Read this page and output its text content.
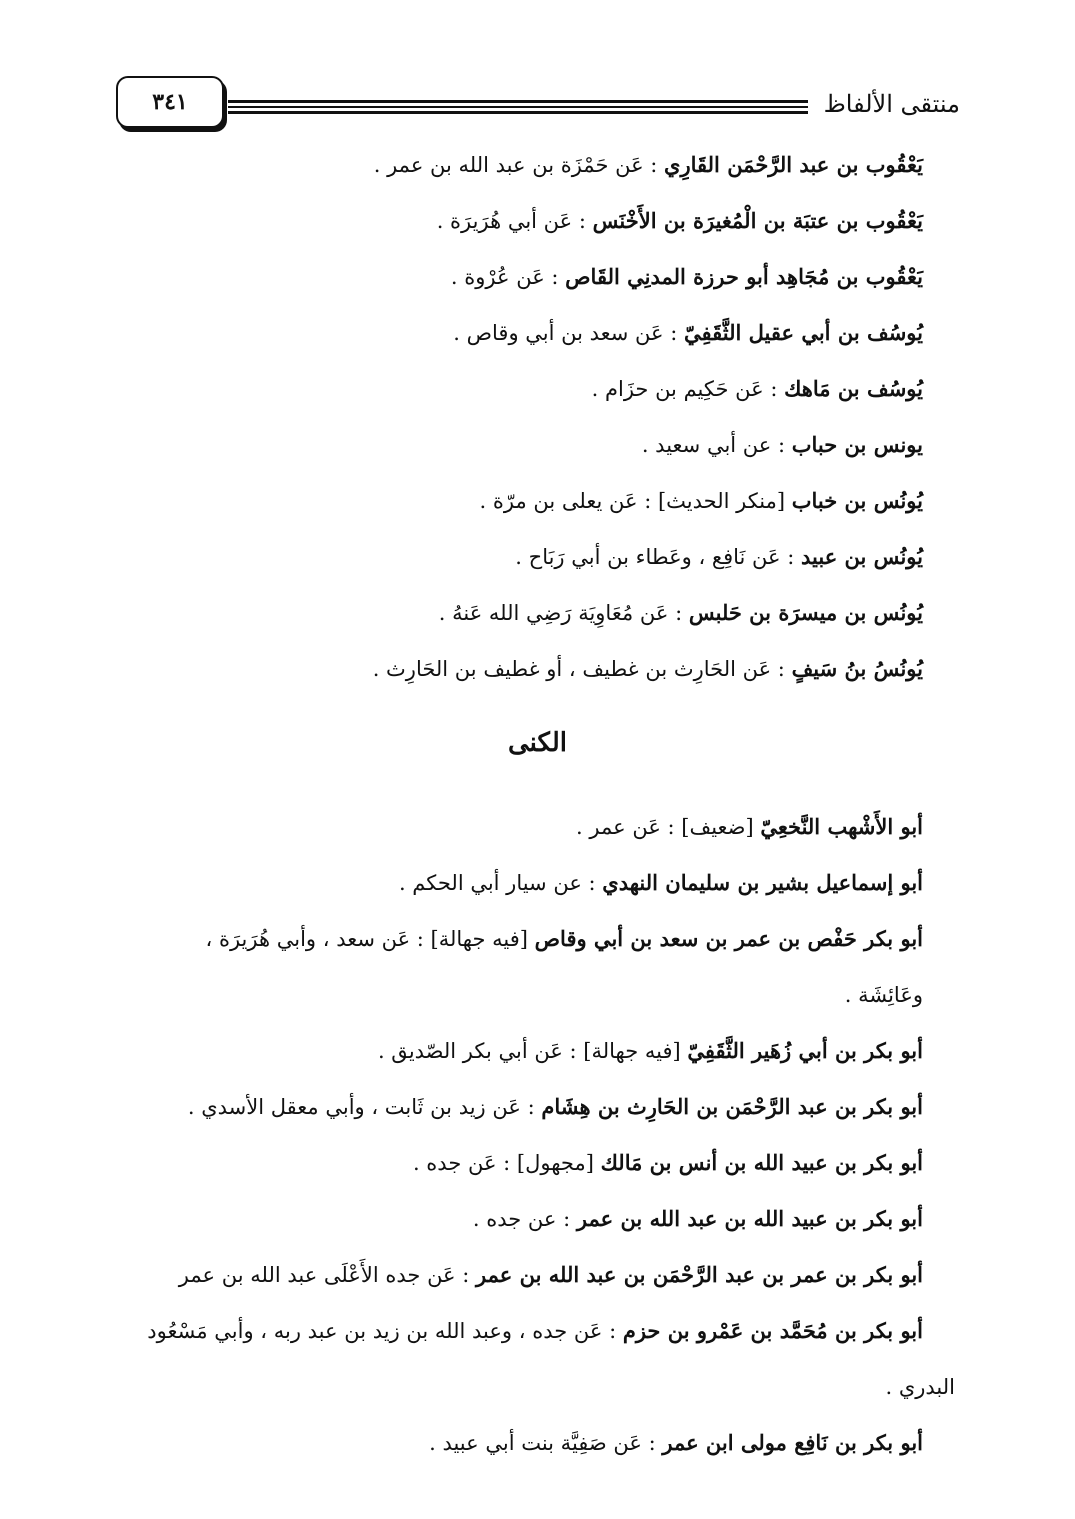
منتقى الألفاظ
٣٤١
يَعْقُوب بن عبد الرَّحْمَن القَارِي : عَن حَمْزَة بن عبد الله بن عمر .
يَعْقُوب بن عتبَة بن الْمُغيرَة بن الأَخْنَس : عَن أبي هُرَيرَة .
يَعْقُوب بن مُجَاهِد أبو حرزة المدنِي القَاص : عَن عُرْوة .
يُوسُف بن أبي عقيل الثَّقَفِيّ : عَن سعد بن أبي وقاص .
يُوسُف بن مَاهك : عَن حَكِيم بن حزَام .
يونس بن حباب : عن أبي سعيد .
يُونُس بن خباب [منكر الحديث] : عَن يعلى بن مرّة .
يُونُس بن عبيد : عَن نَافِع ، وعَطاء بن أبي رَبَاح .
يُونُس بن ميسرَة بن حَلبس : عَن مُعَاوِيَة رَضِي الله عَنهُ .
يُونُسُ بنُ سَيفٍ : عَن الحَارِث بن غطيف ، أو غطيف بن الحَارِث .
الكنى
أبو الأَشْهب النَّخعِيّ [ضعيف] : عَن عمر .
أبو إسماعيل بشير بن سليمان النهدي : عن سيار أبي الحكم .
أبو بكر حَفْص بن عمر بن سعد بن أبي وقاص [فيه جهالة] : عَن سعد ، وأبي هُرَيرَة ،
أبو بكر بن أبي زُهَير الثَّقَفِيّ [فيه جهالة] : عَن أبي بكر الصّديق .
أبو بكر بن عبد الرَّحْمَن بن الحَارِث بن هِشَام : عَن زيد بن ثَابت ، وأبي معقل الأسدي .
أبو بكر بن عبيد الله بن أنس بن مَالك [مجهول] : عَن جده .
أبو بكر بن عبيد الله بن عبد الله بن عمر : عن جده .
أبو بكر بن عمر بن عبد الرَّحْمَن بن عبد الله بن عمر : عَن جده الأَعْلَى عبد الله بن عمر
أبو بكر بن مُحَمَّد بن عَمْرو بن حزم : عَن جده ، وعبد الله بن زيد بن عبد ربه ، وأبي مَسْعُود
أبو بكر بن نَافِع مولى ابن عمر : عَن صَفِيَّة بنت أبي عبيد .
وعَائِشَة .
البدري .
